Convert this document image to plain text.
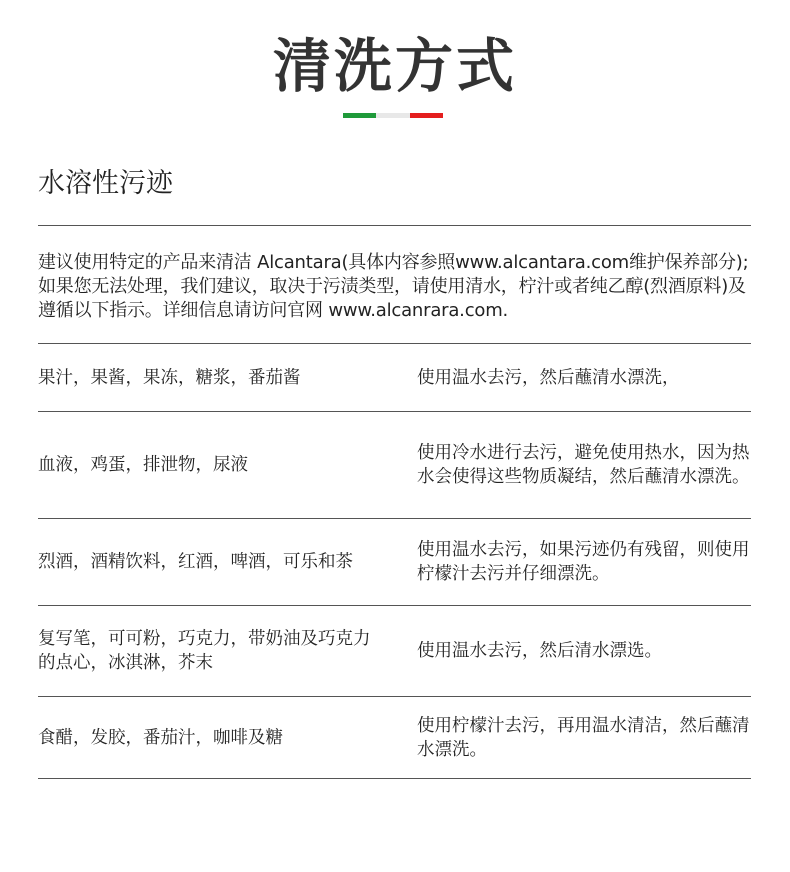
清洗方式
水溶性污迹

建议使用特定的产品来清洁 Alcantara(具体内容参照www.alcantara.com维护保养部分);如果您无法处理，我们建议，取决于污渍类型，请使用清水，柠汁或者纯乙醇(烈酒原料)及遵循以下指示。详细信息请访问官网 www.alcanrara.com.

果汁，果酱，果冻，糖浆，番茄酱	使用温水去污，然后蘸清水漂洗，
血液，鸡蛋，排泄物，尿液
使用冷水进行去污，避免使用热水，因为热水会使得这些物质凝结，然后蘸清水漂洗。
烈酒，酒精饮料，红酒，啤酒，可乐和茶
使用温水去污，如果污迹仍有残留，则使用柠檬汁去污并仔细漂洗。
复写笔，可可粉，巧克力，带奶油及巧克力的点心，冰淇淋，芥末
使用温水去污，然后清水漂选。
食醋，发胶，番茄汁，咖啡及糖
使用柠檬汁去污，再用温水清洁，然后蘸清水漂洗。
